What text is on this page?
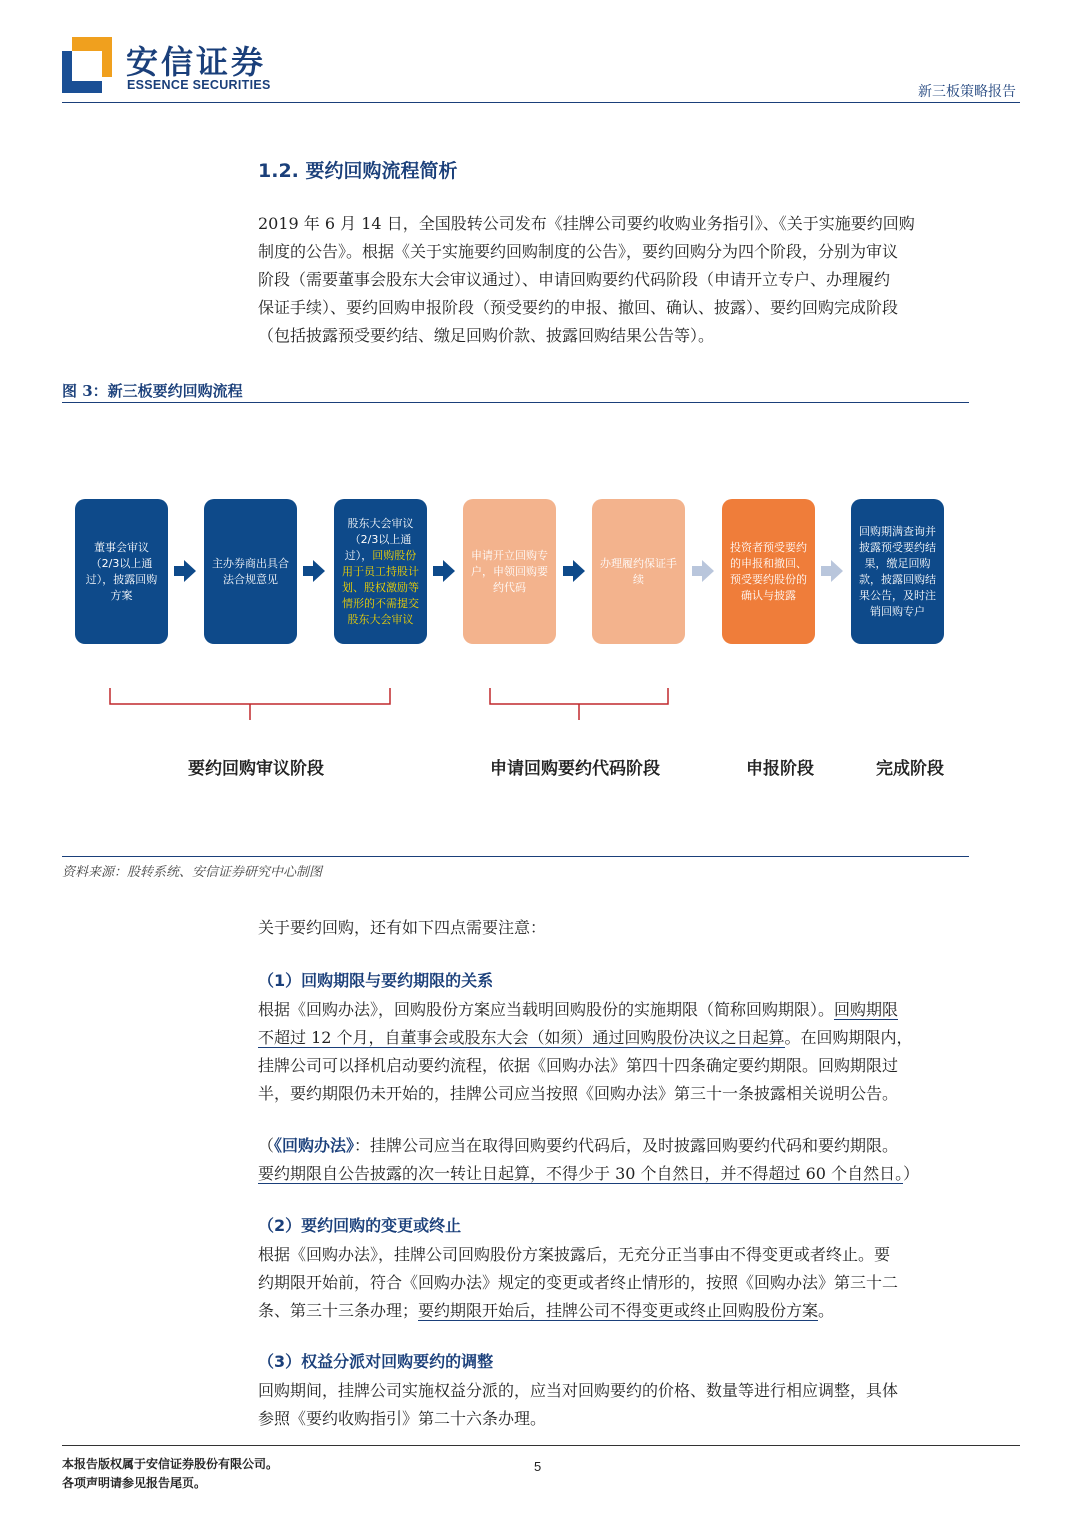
安信证券
ESSENCE SECURITIES	新三板策略报告
1.2. 要约回购流程简析

2019 年 6 月 14 日，全国股转公司发布《挂牌公司要约收购业务指引》、《关于实施要约回购

制度的公告》。根据《关于实施要约回购制度的公告》，要约回购分为四个阶段，分别为审议

阶段（需要董事会股东大会审议通过）、申请回购要约代码阶段（申请开立专户、办理履约

保证手续）、要约回购申报阶段（预受要约的申报、撤回、确认、披露）、要约回购完成阶段

（包括披露预受要约结、缴足回购价款、披露回购结果公告等）。

图 3：新三板要约回购流程
董事会审议（2/3以上通过），披露回购方案
主办券商出具合法合规意见
股东大会审议（2/3以上通过），回购股份用于员工持股计划、股权激励等情形的不需提交股东大会审议
申请开立回购专户，申领回购要约代码
办理履约保证手续
投资者预受要约的申报和撤回、预受要约股份的确认与披露
回购期满查询并披露预受要约结果，缴足回购款，披露回购结果公告，及时注销回购专户
要约回购审议阶段	申请回购要约代码阶段	申报阶段	完成阶段
资料来源：股转系统、安信证券研究中心制图
关于要约回购，还有如下四点需要注意：
（1）回购期限与要约期限的关系

根据《回购办法》，回购股份方案应当载明回购股份的实施期限（简称回购期限）。回购期限

不超过 12 个月，自董事会或股东大会（如须）通过回购股份决议之日起算。在回购期限内，

挂牌公司可以择机启动要约流程，依据《回购办法》第四十四条确定要约期限。回购期限过

半，要约期限仍未开始的，挂牌公司应当按照《回购办法》第三十一条披露相关说明公告。

（《回购办法》：挂牌公司应当在取得回购要约代码后，及时披露回购要约代码和要约期限。

要约期限自公告披露的次一转让日起算，不得少于 30 个自然日，并不得超过 60 个自然日。）

（2）要约回购的变更或终止

根据《回购办法》，挂牌公司回购股份方案披露后，无充分正当事由不得变更或者终止。要

约期限开始前，符合《回购办法》规定的变更或者终止情形的，按照《回购办法》第三十二

条、第三十三条办理；要约期限开始后，挂牌公司不得变更或终止回购股份方案。

（3）权益分派对回购要约的调整

回购期间，挂牌公司实施权益分派的，应当对回购要约的价格、数量等进行相应调整，具体

参照《要约收购指引》第二十六条办理。

本报告版权属于安信证券股份有限公司。
各项声明请参见报告尾页。
5
